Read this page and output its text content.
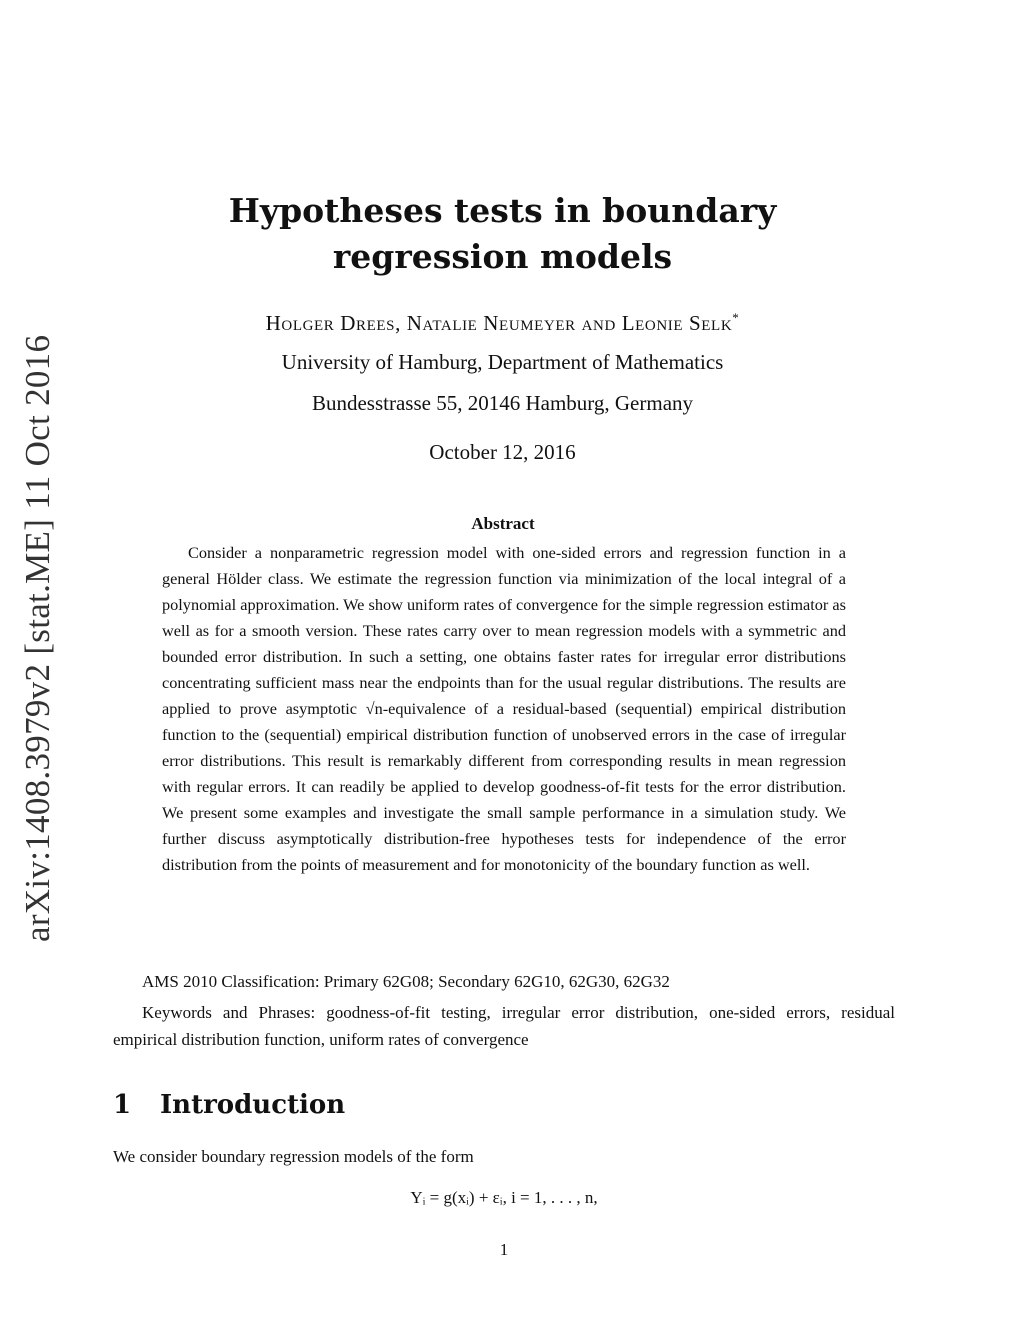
arXiv:1408.3979v2 [stat.ME] 11 Oct 2016
Hypotheses tests in boundary regression models
Holger Drees, Natalie Neumeyer and Leonie Selk*
University of Hamburg, Department of Mathematics
Bundesstrasse 55, 20146 Hamburg, Germany
October 12, 2016
Abstract

Consider a nonparametric regression model with one-sided errors and regression function in a general Hölder class. We estimate the regression function via minimization of the local integral of a polynomial approximation. We show uniform rates of convergence for the simple regression estimator as well as for a smooth version. These rates carry over to mean regression models with a symmetric and bounded error distribution. In such a setting, one obtains faster rates for irregular error distributions concentrating sufficient mass near the endpoints than for the usual regular distributions. The results are applied to prove asymptotic √n-equivalence of a residual-based (sequential) empirical distribution function to the (sequential) empirical distribution function of unobserved errors in the case of irregular error distributions. This result is remarkably different from corresponding results in mean regression with regular errors. It can readily be applied to develop goodness-of-fit tests for the error distribution. We present some examples and investigate the small sample performance in a simulation study. We further discuss asymptotically distribution-free hypotheses tests for independence of the error distribution from the points of measurement and for monotonicity of the boundary function as well.

AMS 2010 Classification: Primary 62G08; Secondary 62G10, 62G30, 62G32

Keywords and Phrases: goodness-of-fit testing, irregular error distribution, one-sided errors, residual empirical distribution function, uniform rates of convergence

1 Introduction
We consider boundary regression models of the form
Yᵢ = g(xᵢ) + εᵢ, i = 1, . . . , n,
1
